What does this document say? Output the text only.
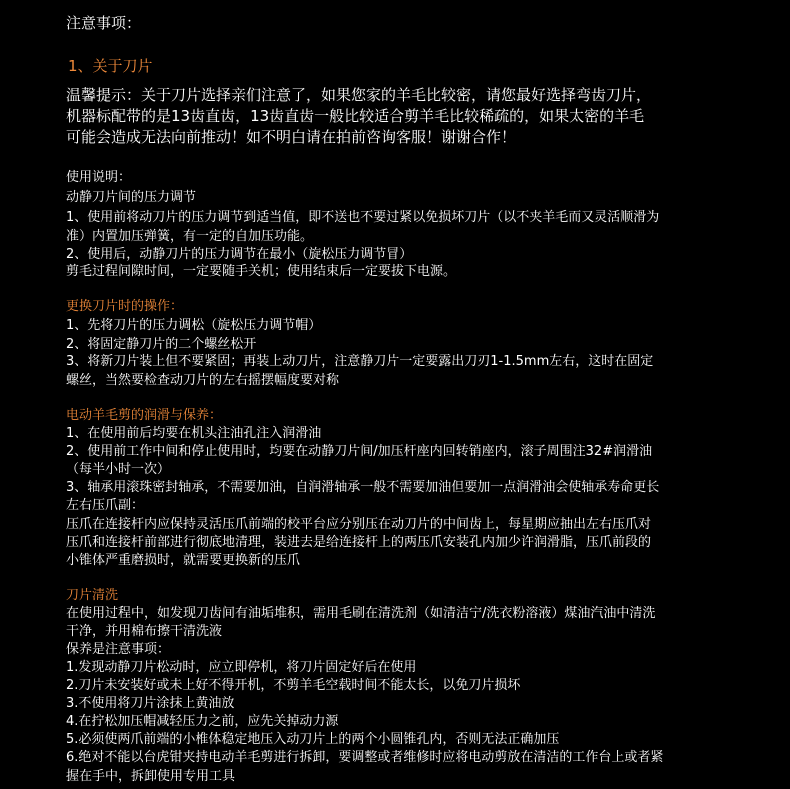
注意事项：

1、关于刀片

温馨提示：关于刀片选择亲们注意了，如果您家的羊毛比较密，请您最好选择弯齿刀片，

机器标配带的是13齿直齿，13齿直齿一般比较适合剪羊毛比较稀疏的，如果太密的羊毛

可能会造成无法向前推动！如不明白请在拍前咨询客服！谢谢合作！

使用说明：

动静刀片间的压力调节

1、使用前将动刀片的压力调节到适当值，即不送也不要过紧以免损坏刀片（以不夹羊毛而又灵活顺滑为

准）内置加压弹簧，有一定的自加压功能。

2、使用后，动静刀片的压力调节在最小（旋松压力调节冒）

剪毛过程间隙时间，一定要随手关机；使用结束后一定要拔下电源。

更换刀片时的操作：

1、先将刀片的压力调松（旋松压力调节帽）

2、将固定静刀片的二个螺丝松开

3、将新刀片装上但不要紧固；再装上动刀片，注意静刀片一定要露出刀刃1-1.5mm左右，这时在固定

螺丝，当然要检查动刀片的左右摇摆幅度要对称

电动羊毛剪的润滑与保养：

1、在使用前后均要在机头注油孔注入润滑油

2、使用前工作中间和停止使用时，均要在动静刀片间/加压杆座内回转销座内，滚子周围注32#润滑油

（每半小时一次）

3、轴承用滚珠密封轴承，不需要加油，自润滑轴承一般不需要加油但要加一点润滑油会使轴承寿命更长

左右压爪副：

压爪在连接杆内应保持灵活压爪前端的校平台应分别压在动刀片的中间齿上，每星期应抽出左右压爪对

压爪和连接杆前部进行彻底地清理，装进去是给连接杆上的两压爪安装孔内加少许润滑脂，压爪前段的

小锥体严重磨损时，就需要更换新的压爪

刀片清洗

在使用过程中，如发现刀齿间有油垢堆积，需用毛刷在清洗剂（如清洁宁/洗衣粉溶液）煤油汽油中清洗

干净，并用棉布擦干清洗液

保养是注意事项：

1.发现动静刀片松动时，应立即停机，将刀片固定好后在使用

2.刀片未安装好或未上好不得开机，不剪羊毛空载时间不能太长，以免刀片损坏

3.不使用将刀片涂抹上黄油放

4.在拧松加压帽减轻压力之前，应先关掉动力源

5.必须使两爪前端的小椎体稳定地压入动刀片上的两个小圆锥孔内，否则无法正确加压

6.绝对不能以台虎钳夹持电动羊毛剪进行拆卸，要调整或者维修时应将电动剪放在清洁的工作台上或者紧

握在手中，拆卸使用专用工具
